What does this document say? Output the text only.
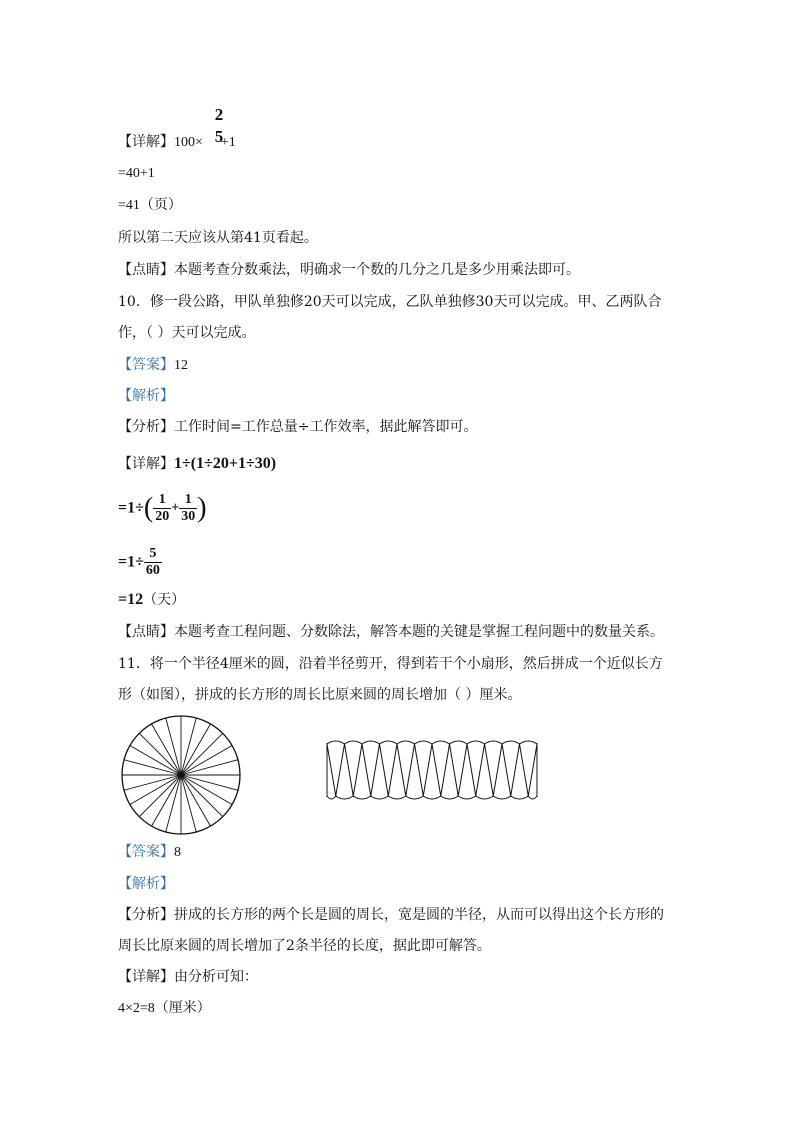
【详解】100× +1
2
5
=40+1
=41（页）
所以第二天应该从第41页看起。
【点睛】本题考查分数乘法，明确求一个数的几分之几是多少用乘法即可。
10．修一段公路，甲队单独修20天可以完成，乙队单独修30天可以完成。甲、乙两队合
作，（ ）天可以完成。
【答案】12
【解析】
【分析】工作时间=工作总量÷工作效率，据此解答即可。
【详解】1÷(1÷20+1÷30)
$=1\div( \frac{1}{20} + \frac{1}{30}$ )
$=1\div \frac{5}{60}$
=12（天）
【点睛】本题考查工程问题、分数除法，解答本题的关键是掌握工程问题中的数量关系。
11．将一个半径4厘米的圆，沿着半径剪开，得到若干个小扇形，然后拼成一个近似长方
形（如图），拼成的长方形的周长比原来圆的周长增加（ ）厘米。
【答案】8
【解析】
【分析】拼成的长方形的两个长是圆的周长，宽是圆的半径，从而可以得出这个长方形的
周长比原来圆的周长增加了2条半径的长度，据此即可解答。
【详解】由分析可知：
4×2=8（厘米）
